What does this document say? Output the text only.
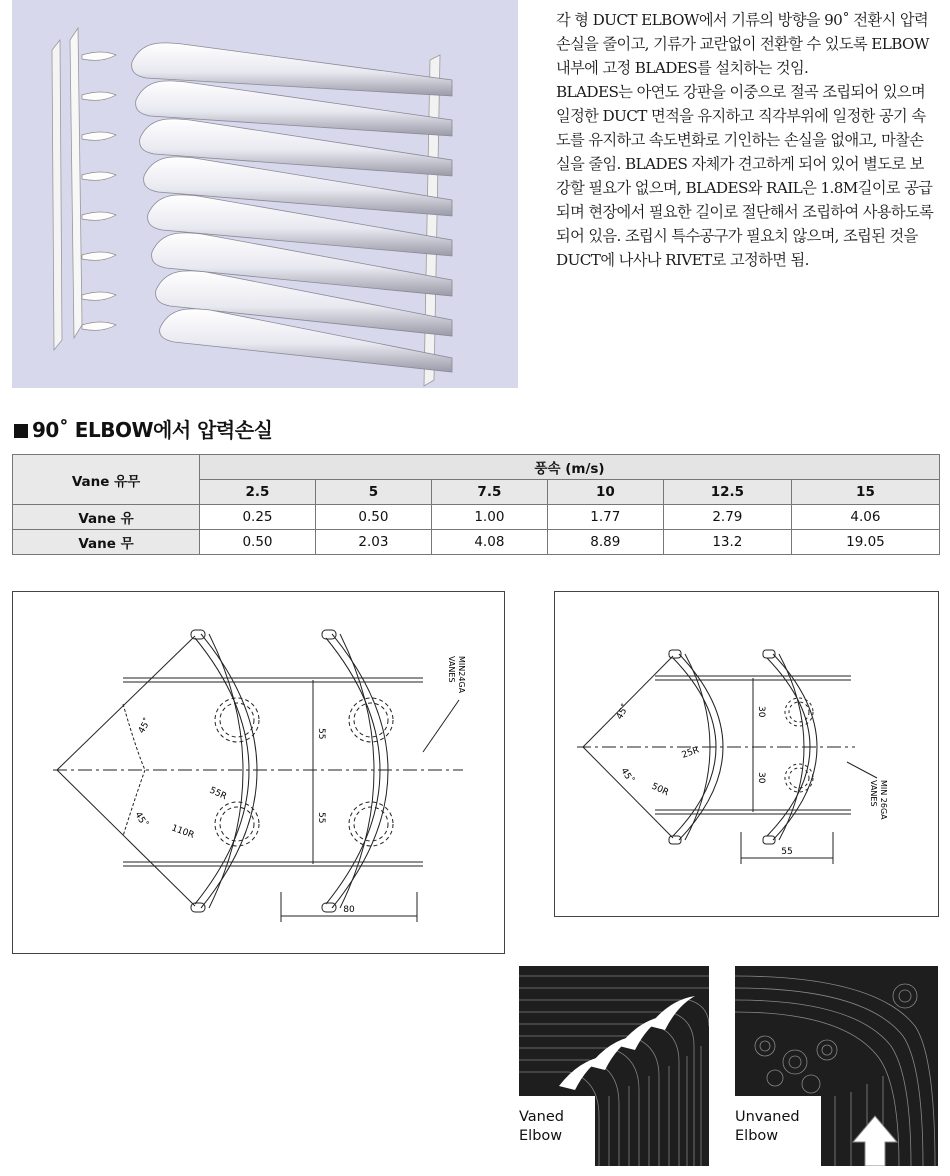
각 형 DUCT ELBOW에서 기류의 방향을 90˚ 전환시 압력손실을 줄이고, 기류가 교란없이 전환할 수 있도록 ELBOW 내부에 고정 BLADES를 설치하는 것임.

BLADES는 아연도 강판을 이중으로 절곡 조립되어 있으며 일정한 DUCT 면적을 유지하고 직각부위에 일정한 공기 속도를 유지하고 속도변화로 기인하는 손실을 없애고, 마찰손실을 줄임. BLADES 자체가 견고하게 되어 있어 별도로 보강할 필요가 없으며, BLADES와 RAIL은 1.8M길이로 공급되며 현장에서 필요한 길이로 절단해서 조립하여 사용하도록 되어 있음. 조립시 특수공구가 필요치 않으며, 조립된 것을 DUCT에 나사나 RIVET로 고정하면 됨.

90˚ ELBOW에서 압력손실
Vane 유무	풍속 (m/s)					
	2.5	5	7.5	10	12.5	15
Vane 유	0.25	0.50	1.00	1.77	2.79	4.06
Vane 무	0.50	2.03	4.08	8.89	13.2	19.05
45˚
45˚
55R
110R
55
55
80
MIN24GA
VANES
45˚
45˚
25R
50R
30
30
55
MIN 26GA
VANES
Vaned
Elbow
Unvaned
Elbow
